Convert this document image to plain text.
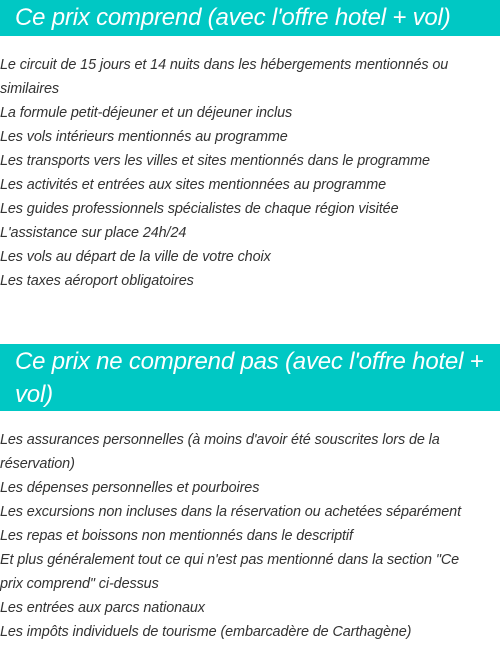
Ce prix comprend (avec l'offre hotel + vol)
Le circuit de 15 jours et 14 nuits dans les hébergements mentionnés ou similaires
La formule petit-déjeuner et un déjeuner inclus
Les vols intérieurs mentionnés au programme
Les transports vers les villes et sites mentionnés dans le programme
Les activités et entrées aux sites mentionnées au programme
Les guides professionnels spécialistes de chaque région visitée
L'assistance sur place 24h/24
Les vols au départ de la ville de votre choix
Les taxes aéroport obligatoires
Ce prix ne comprend pas (avec l'offre hotel + vol)
Les assurances personnelles (à moins d'avoir été souscrites lors de la réservation)
Les dépenses personnelles et pourboires
Les excursions non incluses dans la réservation ou achetées séparément
Les repas et boissons non mentionnés dans le descriptif
Et plus généralement tout ce qui n'est pas mentionné dans la section "Ce prix comprend" ci-dessus
Les entrées aux parcs nationaux
Les impôts individuels de tourisme (embarcadère de Carthagène)
